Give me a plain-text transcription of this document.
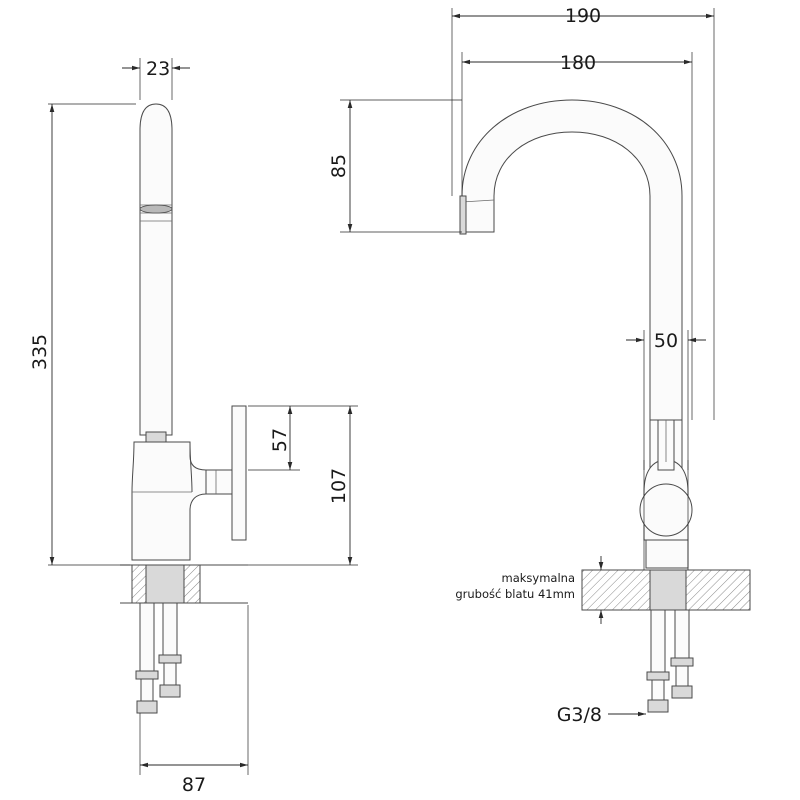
23
335
87
57
107
190
180
85
50
maksymalna
grubość blatu 41mm
G3/8
